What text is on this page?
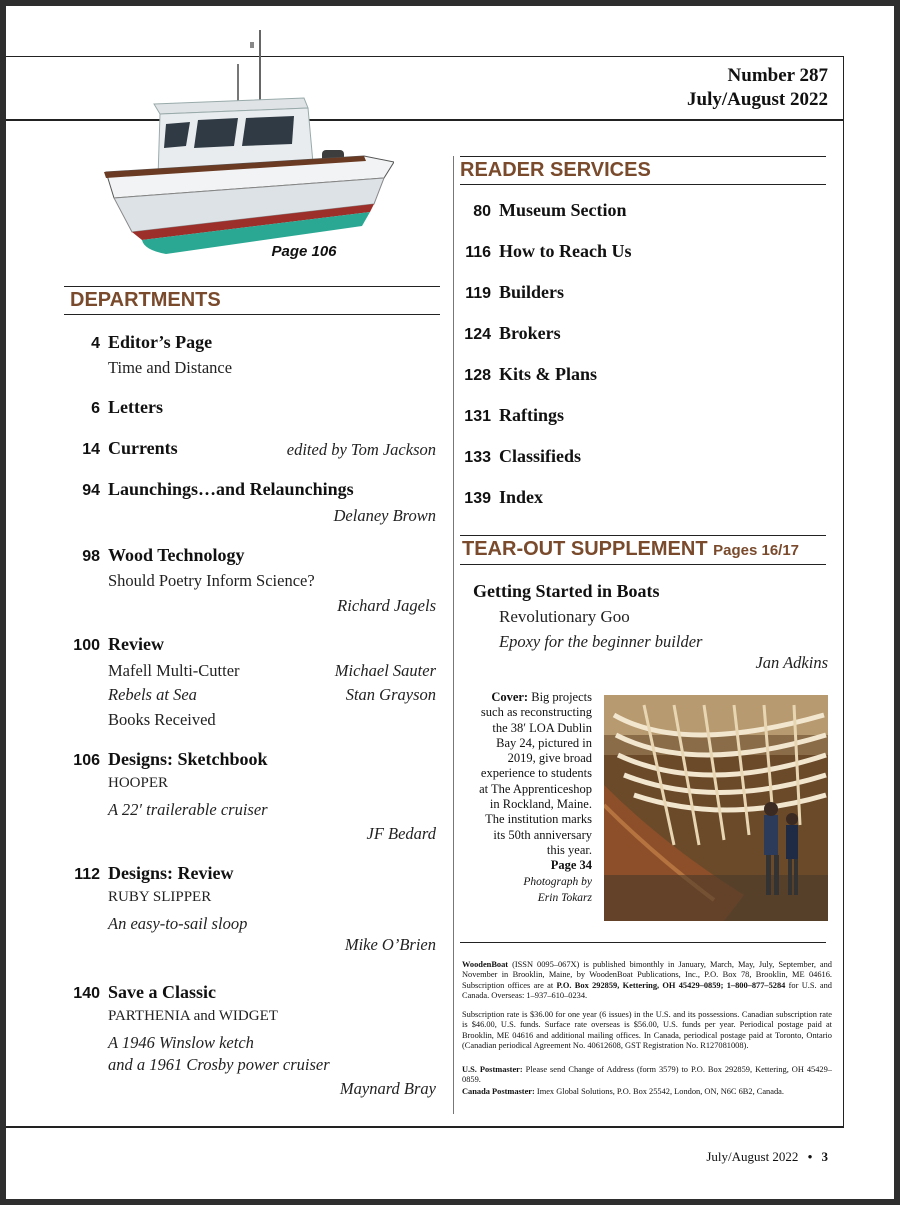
Number 287
July/August 2022
Page 106
DEPARTMENTS
4 Editor’s Page
Time and Distance
6 Letters
14 Currents	edited by Tom Jackson
94 Launchings…and Relaunchings
Delaney Brown
98 Wood Technology
Should Poetry Inform Science?
Richard Jagels
100 Review
Mafell Multi-Cutter	Michael Sauter
Rebels at Sea	Stan Grayson
Books Received
106 Designs: Sketchbook
HOOPER
A 22′ trailerable cruiser
JF Bedard
112 Designs: Review
RUBY SLIPPER
An easy-to-sail sloop
Mike O’Brien
140 Save a Classic
PARTHENIA and WIDGET
A 1946 Winslow ketch
and a 1961 Crosby power cruiser
Maynard Bray
READER SERVICES
80 Museum Section
116 How to Reach Us
119 Builders
124 Brokers
128 Kits & Plans
131 Raftings
133 Classifieds
139 Index
TEAR-OUT SUPPLEMENT Pages 16/17
Getting Started in Boats
Revolutionary Goo
Epoxy for the beginner builder
Jan Adkins
Cover: Big projects
such as reconstructing
the 38′ LOA Dublin
Bay 24, pictured in
2019, give broad
experience to students
at The Apprenticeshop
in Rockland, Maine.
The institution marks
its 50th anniversary
this year.
Page 34
Photograph by
Erin Tokarz
WoodenBoat (ISSN 0095–067X) is published bimonthly in January, March, May, July, September, and November in Brooklin, Maine, by WoodenBoat Publications, Inc., P.O. Box 78, Brooklin, ME 04616. Subscription offices are at P.O. Box 292859, Kettering, OH 45429–0859; 1–800–877–5284 for U.S. and Canada. Overseas: 1–937–610–0234.
Subscription rate is $36.00 for one year (6 issues) in the U.S. and its possessions. Canadian subscription rate is $46.00, U.S. funds. Surface rate overseas is $56.00, U.S. funds per year. Periodical postage paid at Brooklin, ME 04616 and additional mailing offices. In Canada, periodical postage paid at Toronto, Ontario (Canadian periodical Agreement No. 40612608, GST Registration No. R127081008).
U.S. Postmaster: Please send Change of Address (form 3579) to P.O. Box 292859, Kettering, OH 45429–0859.
Canada Postmaster: Imex Global Solutions, P.O. Box 25542, London, ON, N6C 6B2, Canada.
July/August 2022 • 3
